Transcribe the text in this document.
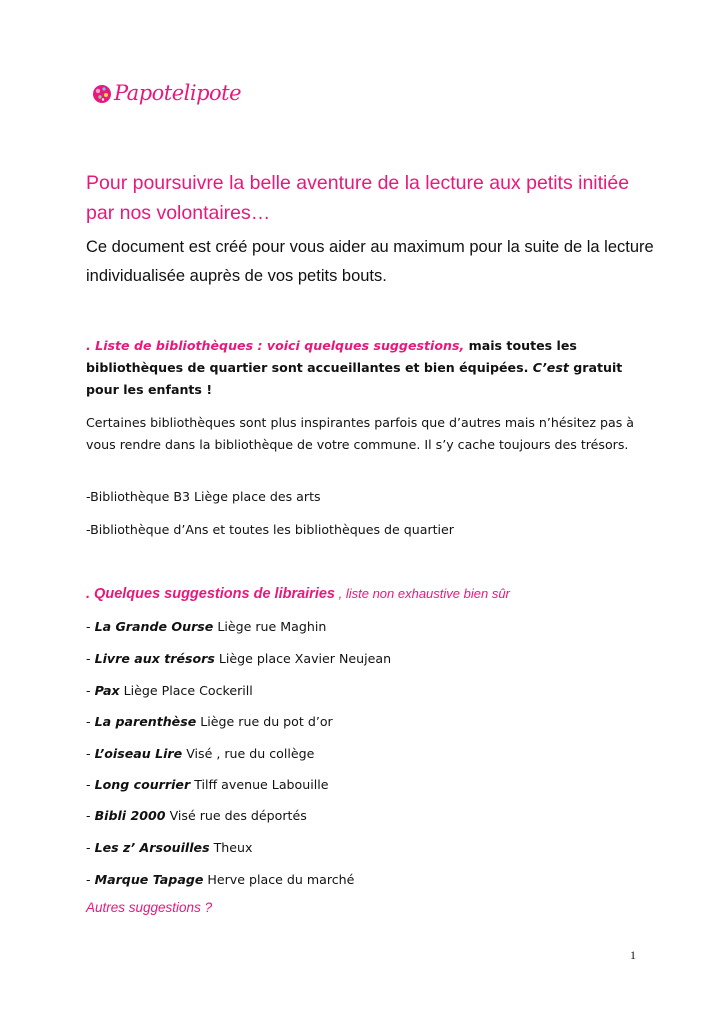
Papotelipote
Pour poursuivre la belle aventure de la lecture aux petits initiée par nos volontaires…
Ce document est créé pour vous aider au maximum pour la suite de la lecture individualisée auprès de vos petits bouts.
. Liste de bibliothèques : voici quelques suggestions, mais toutes les bibliothèques de quartier sont accueillantes et bien équipées. C’est gratuit pour les enfants !
Certaines bibliothèques sont plus inspirantes parfois que d’autres mais n’hésitez pas à vous rendre dans la bibliothèque de votre commune. Il s’y cache toujours des trésors.
-Bibliothèque B3 Liège place des arts
-Bibliothèque d’Ans et toutes les bibliothèques de quartier
. Quelques suggestions de librairies , liste non exhaustive bien sûr
- La Grande Ourse Liège rue Maghin
- Livre aux trésors Liège place Xavier Neujean
- Pax Liège Place Cockerill
- La parenthèse Liège rue du pot d’or
- L’oiseau Lire Visé , rue du collège
- Long courrier Tilff avenue Labouille
- Bibli 2000 Visé rue des déportés
- Les z’ Arsouilles Theux
- Marque Tapage Herve place du marché
Autres suggestions ?
1
